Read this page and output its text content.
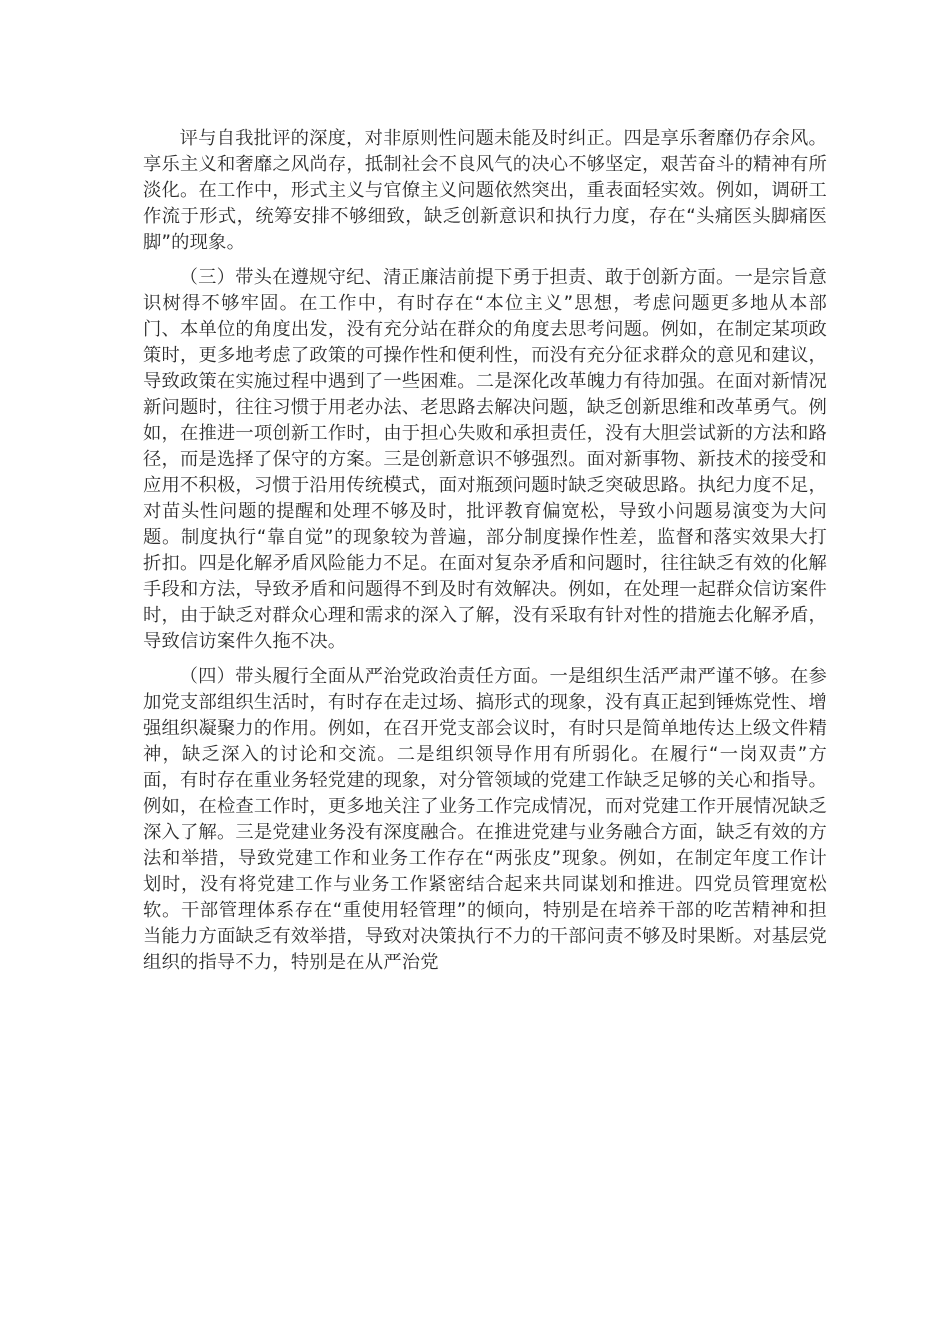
评与自我批评的深度，对非原则性问题未能及时纠正。四是享乐奢靡仍存余风。享乐主义和奢靡之风尚存，抵制社会不良风气的决心不够坚定，艰苦奋斗的精神有所淡化。在工作中，形式主义与官僚主义问题依然突出，重表面轻实效。例如，调研工作流于形式，统筹安排不够细致，缺乏创新意识和执行力度，存在“头痛医头脚痛医脚”的现象。

（三）带头在遵规守纪、清正廉洁前提下勇于担责、敢于创新方面。一是宗旨意识树得不够牢固。在工作中，有时存在“本位主义”思想，考虑问题更多地从本部门、本单位的角度出发，没有充分站在群众的角度去思考问题。例如，在制定某项政策时，更多地考虑了政策的可操作性和便利性，而没有充分征求群众的意见和建议，导致政策在实施过程中遇到了一些困难。二是深化改革魄力有待加强。在面对新情况新问题时，往往习惯于用老办法、老思路去解决问题，缺乏创新思维和改革勇气。例如，在推进一项创新工作时，由于担心失败和承担责任，没有大胆尝试新的方法和路径，而是选择了保守的方案。三是创新意识不够强烈。面对新事物、新技术的接受和应用不积极，习惯于沿用传统模式，面对瓶颈问题时缺乏突破思路。执纪力度不足，对苗头性问题的提醒和处理不够及时，批评教育偏宽松，导致小问题易演变为大问题。制度执行“靠自觉”的现象较为普遍，部分制度操作性差，监督和落实效果大打折扣。四是化解矛盾风险能力不足。在面对复杂矛盾和问题时，往往缺乏有效的化解手段和方法，导致矛盾和问题得不到及时有效解决。例如，在处理一起群众信访案件时，由于缺乏对群众心理和需求的深入了解，没有采取有针对性的措施去化解矛盾，导致信访案件久拖不决。

（四）带头履行全面从严治党政治责任方面。一是组织生活严肃严谨不够。在参加党支部组织生活时，有时存在走过场、搞形式的现象，没有真正起到锤炼党性、增强组织凝聚力的作用。例如，在召开党支部会议时，有时只是简单地传达上级文件精神，缺乏深入的讨论和交流。二是组织领导作用有所弱化。在履行“一岗双责”方面，有时存在重业务轻党建的现象，对分管领域的党建工作缺乏足够的关心和指导。例如，在检查工作时，更多地关注了业务工作完成情况，而对党建工作开展情况缺乏深入了解。三是党建业务没有深度融合。在推进党建与业务融合方面，缺乏有效的方法和举措，导致党建工作和业务工作存在“两张皮”现象。例如，在制定年度工作计划时，没有将党建工作与业务工作紧密结合起来共同谋划和推进。四党员管理宽松软。干部管理体系存在“重使用轻管理”的倾向，特别是在培养干部的吃苦精神和担当能力方面缺乏有效举措，导致对决策执行不力的干部问责不够及时果断。对基层党组织的指导不力，特别是在从严治党
